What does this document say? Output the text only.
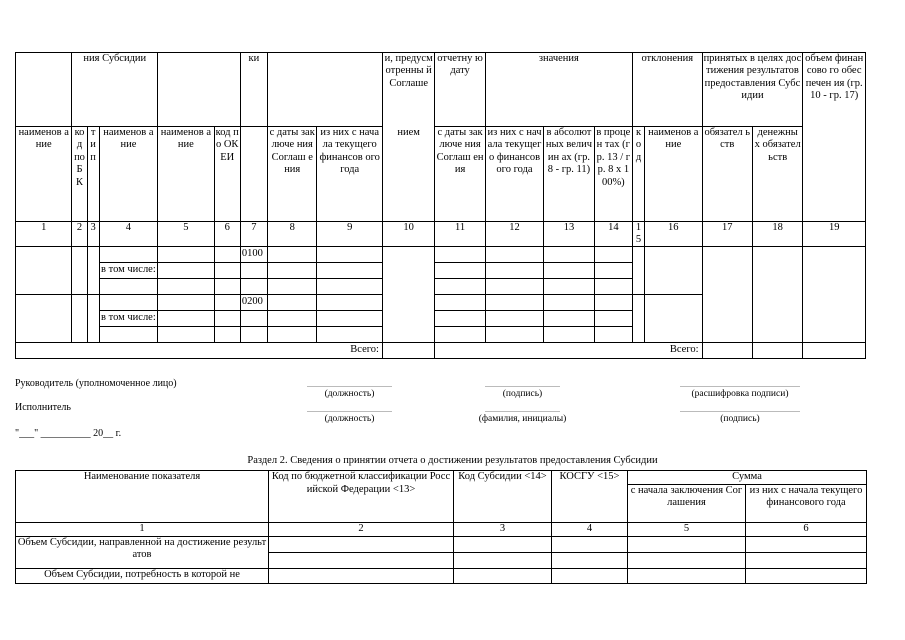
	ния Субсидии					ки			и, предусм отренны й Соглаше	отчетну ю дату	значения			отклонения		принятых в целях достижения результатов предоставления Субсидии		объем финансово го обеспечен ия (гр. 10 - гр. 17)
наименов ание	ко д по Б К	ти п	наименов ание	наименов ание	код по ОК ЕИ		с даты заключе ния Соглаш ения	из них с начала текущего финансов ого года	нием	с даты заключе ния Соглаш ения	из них с начала текущего финансов ого года	в абсолют ных величин ах (гр. 8 - гр. 11)	в процен тах (гр. 13 / гр. 8 х 100%)	ко д	наименов ание	обязател ьств	денежны х обязател ьств	
1	2	3	4	5	6	7	8	9	10	11	12	13	14	15	16	17	18	19
						0100												
			в том числе:															

						0200												
			в том числе:															

Всего:										Всего:								
Руководитель (уполномоченное лицо)
(должность)	(подпись)	(расшифровка подписи)
Исполнитель
(должность)	(фамилия, инициалы)	(подпись)
"___" __________ 20__ г.
Раздел 2. Сведения о принятии отчета о достижении результатов предоставления Субсидии
Наименование показателя	Код по бюджетной классификации Российской Федерации <13>	Код Субсидии <14>	КОСГУ <15>	Сумма	
				с начала заключения Соглашения	из них с начала текущего финансового года
1	2	3	4	5	6
Объем Субсидии, направленной на достижение результатов					

Объем Субсидии, потребность в которой не					
